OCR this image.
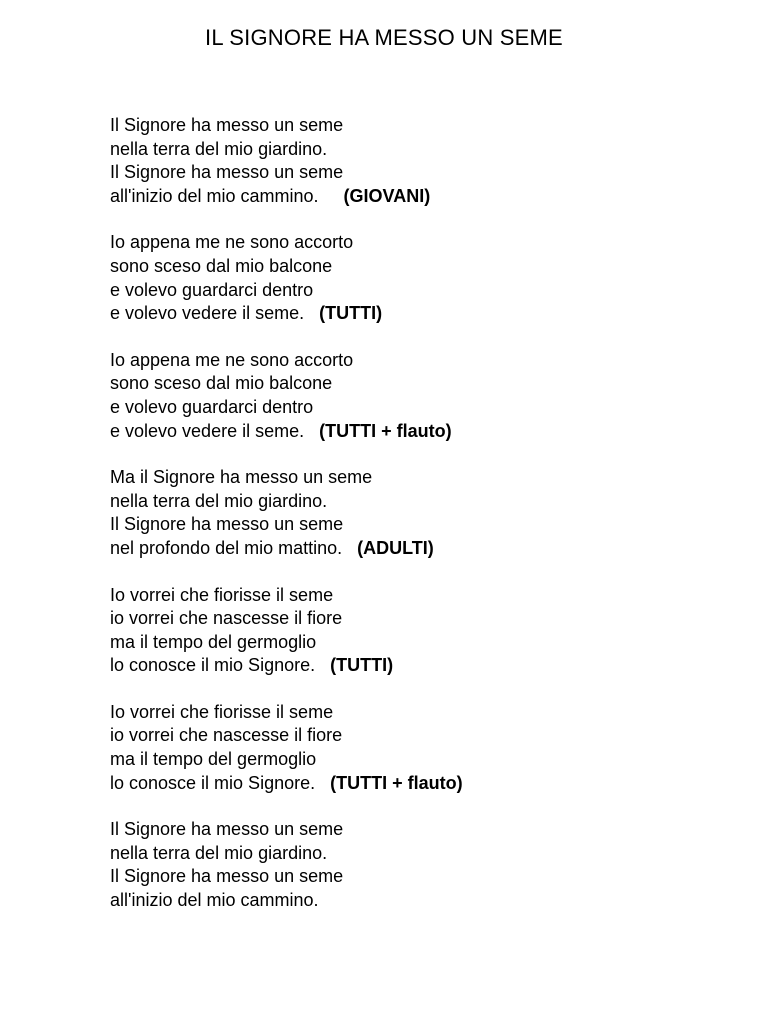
IL SIGNORE HA MESSO UN SEME
Il Signore ha messo un seme
nella terra del mio giardino.
Il Signore ha messo un seme
all'inizio del mio cammino. (GIOVANI)
Io appena me ne sono accorto
sono sceso dal mio balcone
e volevo guardarci dentro
e volevo vedere il seme. (TUTTI)
Io appena me ne sono accorto
sono sceso dal mio balcone
e volevo guardarci dentro
e volevo vedere il seme. (TUTTI + flauto)
Ma il Signore ha messo un seme
nella terra del mio giardino.
Il Signore ha messo un seme
nel profondo del mio mattino. (ADULTI)
Io vorrei che fiorisse il seme
io vorrei che nascesse il fiore
ma il tempo del germoglio
lo conosce il mio Signore. (TUTTI)
Io vorrei che fiorisse il seme
io vorrei che nascesse il fiore
ma il tempo del germoglio
lo conosce il mio Signore. (TUTTI + flauto)
Il Signore ha messo un seme
nella terra del mio giardino.
Il Signore ha messo un seme
all'inizio del mio cammino.
